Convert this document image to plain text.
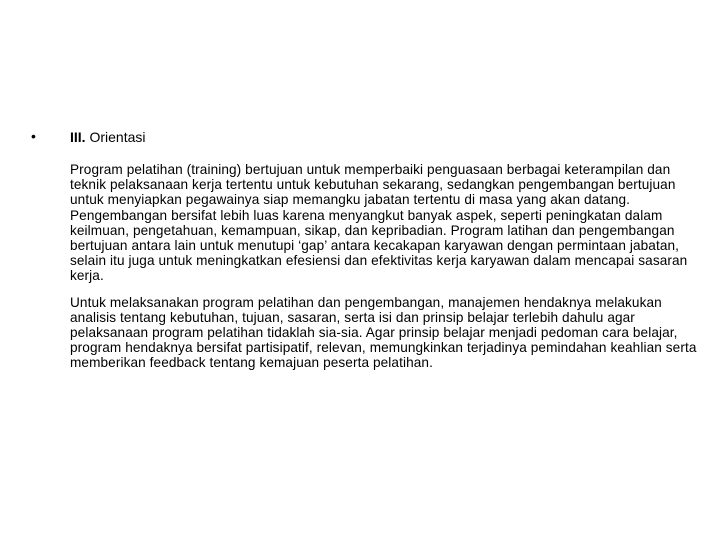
• III. Orientasi

Program pelatihan (training) bertujuan untuk memperbaiki penguasaan berbagai keterampilan dan teknik pelaksanaan kerja tertentu untuk kebutuhan sekarang, sedangkan pengembangan bertujuan untuk menyiapkan pegawainya siap memangku jabatan tertentu di masa yang akan datang. Pengembangan bersifat lebih luas karena menyangkut banyak aspek, seperti peningkatan dalam keilmuan, pengetahuan, kemampuan, sikap, dan kepribadian. Program latihan dan pengembangan bertujuan antara lain untuk menutupi ‘gap’ antara kecakapan karyawan dengan permintaan jabatan, selain itu juga untuk meningkatkan efesiensi dan efektivitas kerja karyawan dalam mencapai sasaran kerja.

Untuk melaksanakan program pelatihan dan pengembangan, manajemen hendaknya melakukan analisis tentang kebutuhan, tujuan, sasaran, serta isi dan prinsip belajar terlebih dahulu agar pelaksanaan program pelatihan tidaklah sia-sia. Agar prinsip belajar menjadi pedoman cara belajar, program hendaknya bersifat partisipatif, relevan, memungkinkan terjadinya pemindahan keahlian serta memberikan feedback tentang kemajuan peserta pelatihan.
